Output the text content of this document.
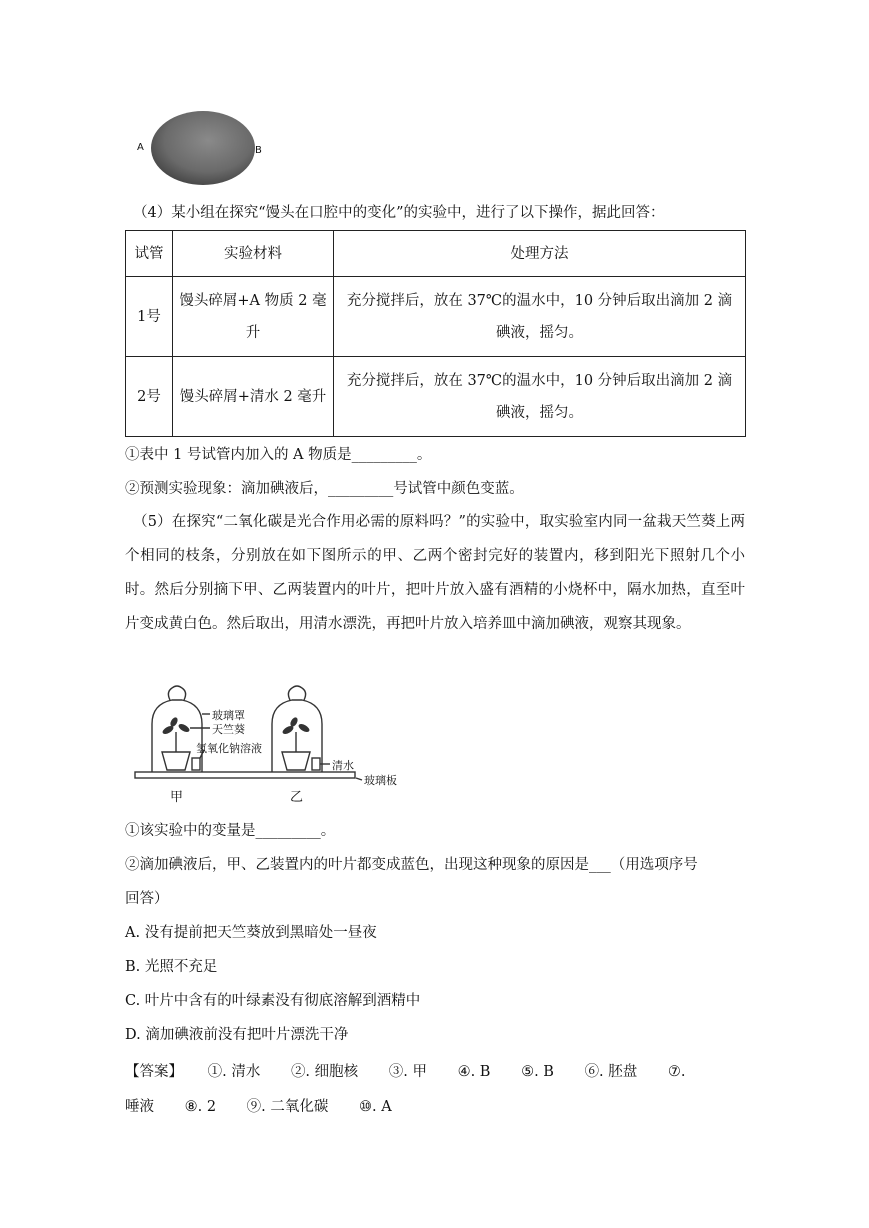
A	B
（4）某小组在探究“馒头在口腔中的变化”的实验中，进行了以下操作，据此回答：
试管	实验材料	处理方法
1号	馒头碎屑+A 物质 2 毫升	充分搅拌后，放在 37℃的温水中，10 分钟后取出滴加 2 滴碘液，摇匀。
2号	馒头碎屑+清水 2 毫升	充分搅拌后，放在 37℃的温水中，10 分钟后取出滴加 2 滴碘液，摇匀。
①表中 1 号试管内加入的 A 物质是_________。
②预测实验现象：滴加碘液后，_________号试管中颜色变蓝。
（5）在探究“二氧化碳是光合作用必需的原料吗？”的实验中，取实验室内同一盆栽天竺葵上两个相同的枝条，分别放在如下图所示的甲、乙两个密封完好的装置内，移到阳光下照射几个小时。然后分别摘下甲、乙两装置内的叶片，把叶片放入盛有酒精的小烧杯中，隔水加热，直至叶片变成黄白色。然后取出，用清水漂洗，再把叶片放入培养皿中滴加碘液，观察其现象。
玻璃罩
天竺葵
氢氧化钠溶液
清水
玻璃板
甲	乙
①该实验中的变量是_________。
②滴加碘液后，甲、乙装置内的叶片都变成蓝色，出现这种现象的原因是___（用选项序号
回答）
A. 没有提前把天竺葵放到黑暗处一昼夜
B. 光照不充足
C. 叶片中含有的叶绿素没有彻底溶解到酒精中
D. 滴加碘液前没有把叶片漂洗干净
【答案】 ①. 清水 ②. 细胞核 ③. 甲 ④. B ⑤. B ⑥. 胚盘 ⑦.
唾液 ⑧. 2 ⑨. 二氧化碳 ⑩. A
